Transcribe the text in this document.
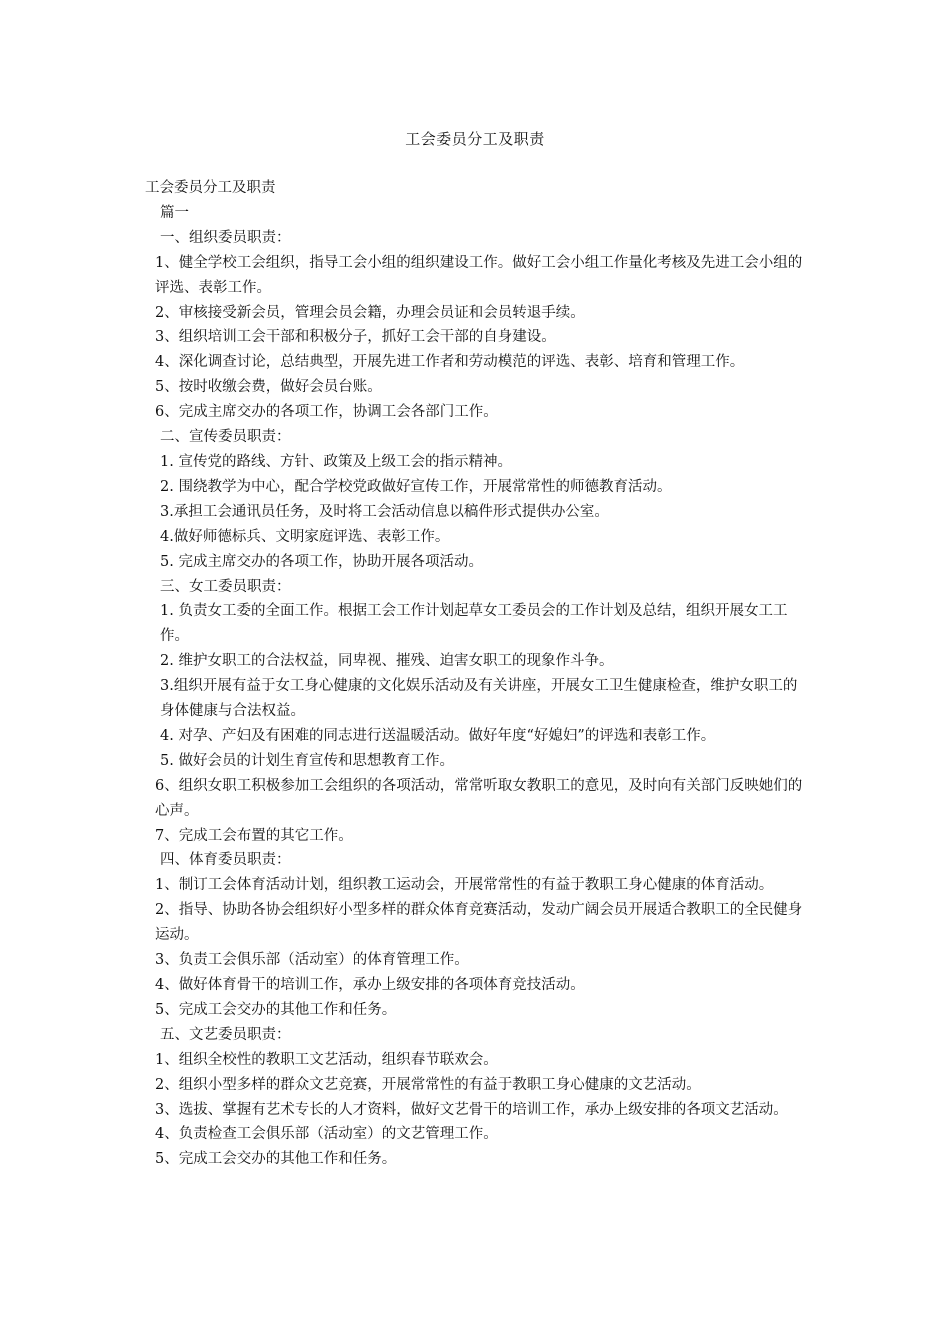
工会委员分工及职责

工会委员分工及职责

篇一

一、组织委员职责：

1、健全学校工会组织，指导工会小组的组织建设工作。做好工会小组工作量化考核及先进工会小组的评选、表彰工作。

2、审核接受新会员，管理会员会籍，办理会员证和会员转退手续。

3、组织培训工会干部和积极分子，抓好工会干部的自身建设。

4、深化调查讨论，总结典型，开展先进工作者和劳动模范的评选、表彰、培育和管理工作。

5、按时收缴会费，做好会员台账。

6、完成主席交办的各项工作，协调工会各部门工作。

二、宣传委员职责：

1. 宣传党的路线、方针、政策及上级工会的指示精神。

2. 围绕教学为中心，配合学校党政做好宣传工作，开展常常性的师德教育活动。

3.承担工会通讯员任务，及时将工会活动信息以稿件形式提供办公室。

4.做好师德标兵、文明家庭评选、表彰工作。

5. 完成主席交办的各项工作，协助开展各项活动。

三、女工委员职责：

1. 负责女工委的全面工作。根据工会工作计划起草女工委员会的工作计划及总结，组织开展女工工作。

2. 维护女职工的合法权益，同卑视、摧残、迫害女职工的现象作斗争。

3.组织开展有益于女工身心健康的文化娱乐活动及有关讲座，开展女工卫生健康检查，维护女职工的身体健康与合法权益。

4. 对孕、产妇及有困难的同志进行送温暖活动。做好年度“好媳妇”的评选和表彰工作。

5. 做好会员的计划生育宣传和思想教育工作。

6、组织女职工积极参加工会组织的各项活动，常常听取女教职工的意见，及时向有关部门反映她们的心声。

7、完成工会布置的其它工作。

四、体育委员职责：

1、制订工会体育活动计划，组织教工运动会，开展常常性的有益于教职工身心健康的体育活动。

2、指导、协助各协会组织好小型多样的群众体育竞赛活动，发动广阔会员开展适合教职工的全民健身运动。

3、负责工会俱乐部（活动室）的体育管理工作。

4、做好体育骨干的培训工作，承办上级安排的各项体育竞技活动。

5、完成工会交办的其他工作和任务。

五、文艺委员职责：

1、组织全校性的教职工文艺活动，组织春节联欢会。

2、组织小型多样的群众文艺竞赛，开展常常性的有益于教职工身心健康的文艺活动。

3、选拔、掌握有艺术专长的人才资料，做好文艺骨干的培训工作，承办上级安排的各项文艺活动。

4、负责检查工会俱乐部（活动室）的文艺管理工作。

5、完成工会交办的其他工作和任务。
